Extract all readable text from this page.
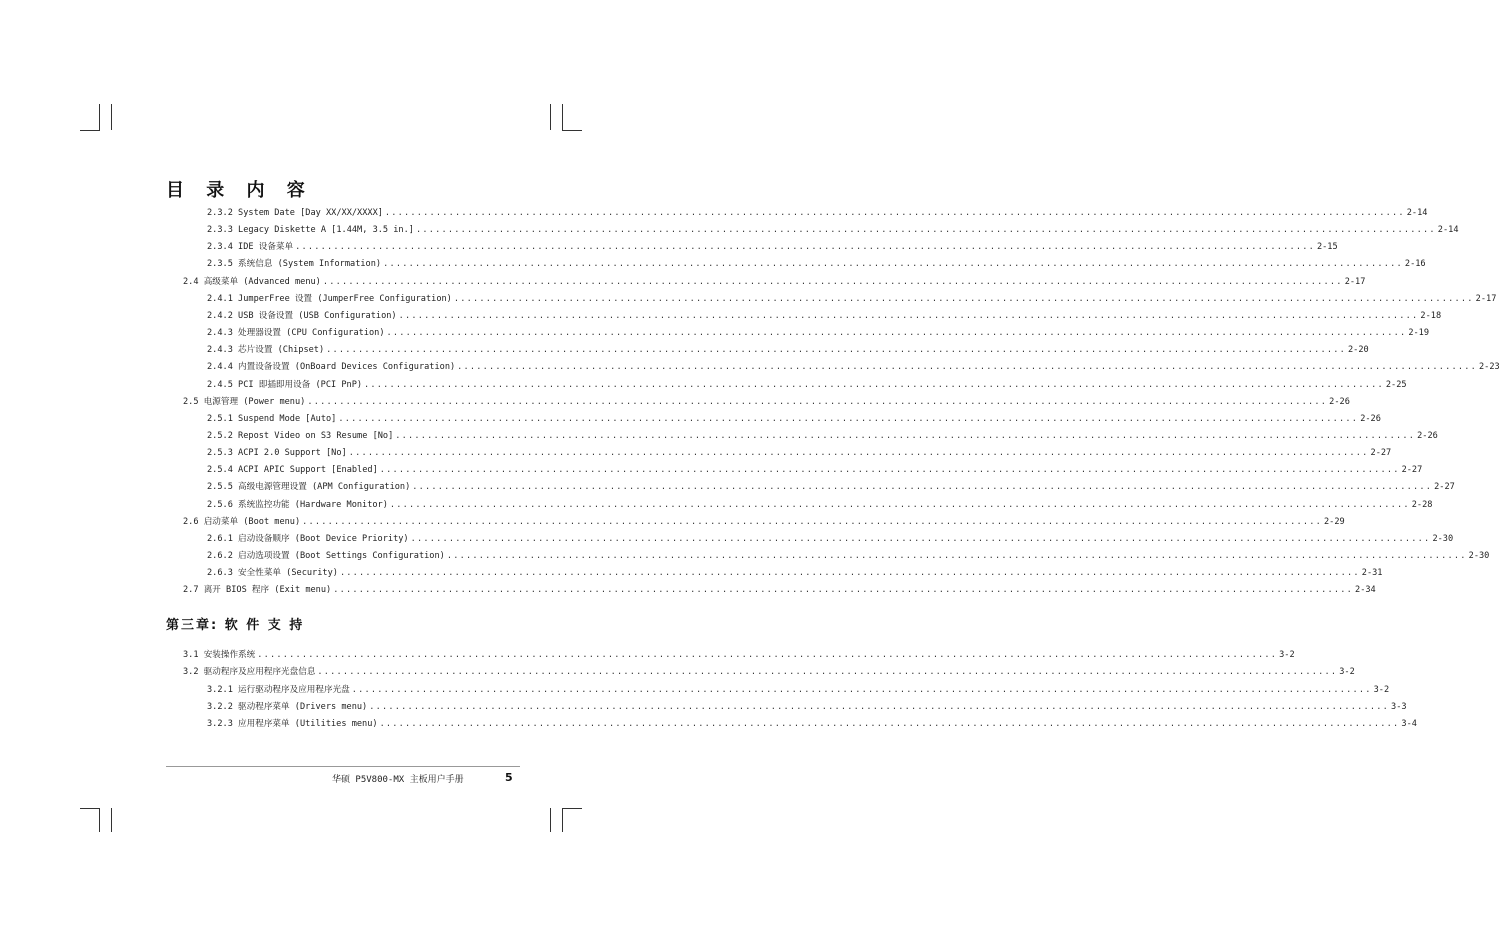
目 录 内 容
2.3.2 System Date [Day XX/XX/XXXX] ................................................................................................................................................................ 2-14
2.3.3 Legacy Diskette A [1.44M, 3.5 in.] ................................................................................................................................................................ 2-14
2.3.4 IDE 设备菜单 ................................................................................................................................................................ 2-15
2.3.5 系统信息 (System Information) ................................................................................................................................................................ 2-16
2.4 高级菜单 (Advanced menu) ................................................................................................................................................................ 2-17
2.4.1 JumperFree 设置 (JumperFree Configuration) ................................................................................................................................................................ 2-17
2.4.2 USB 设备设置 (USB Configuration) ................................................................................................................................................................ 2-18
2.4.3 处理器设置 (CPU Configuration) ................................................................................................................................................................ 2-19
2.4.3 芯片设置 (Chipset) ................................................................................................................................................................ 2-20
2.4.4 内置设备设置 (OnBoard Devices Configuration) ................................................................................................................................................................ 2-23
2.4.5 PCI 即插即用设备 (PCI PnP) ................................................................................................................................................................ 2-25
2.5 电源管理 (Power menu) ................................................................................................................................................................ 2-26
2.5.1 Suspend Mode [Auto] ................................................................................................................................................................ 2-26
2.5.2 Repost Video on S3 Resume [No] ................................................................................................................................................................ 2-26
2.5.3 ACPI 2.0 Support [No] ................................................................................................................................................................ 2-27
2.5.4 ACPI APIC Support [Enabled] ................................................................................................................................................................ 2-27
2.5.5 高级电源管理设置 (APM Configuration) ................................................................................................................................................................ 2-27
2.5.6 系统监控功能 (Hardware Monitor) ................................................................................................................................................................ 2-28
2.6 启动菜单 (Boot menu) ................................................................................................................................................................ 2-29
2.6.1 启动设备顺序 (Boot Device Priority) ................................................................................................................................................................ 2-30
2.6.2 启动选项设置 (Boot Settings Configuration) ................................................................................................................................................................ 2-30
2.6.3 安全性菜单 (Security) ................................................................................................................................................................ 2-31
2.7 离开 BIOS 程序 (Exit menu) ................................................................................................................................................................ 2-34
第三章: 软 件 支 持
3.1 安装操作系统 ................................................................................................................................................................ 3-2
3.2 驱动程序及应用程序光盘信息 ................................................................................................................................................................ 3-2
3.2.1 运行驱动程序及应用程序光盘 ................................................................................................................................................................ 3-2
3.2.2 驱动程序菜单 (Drivers menu) ................................................................................................................................................................ 3-3
3.2.3 应用程序菜单 (Utilities menu) ................................................................................................................................................................ 3-4
华硕 P5V800-MX 主板用户手册	5
